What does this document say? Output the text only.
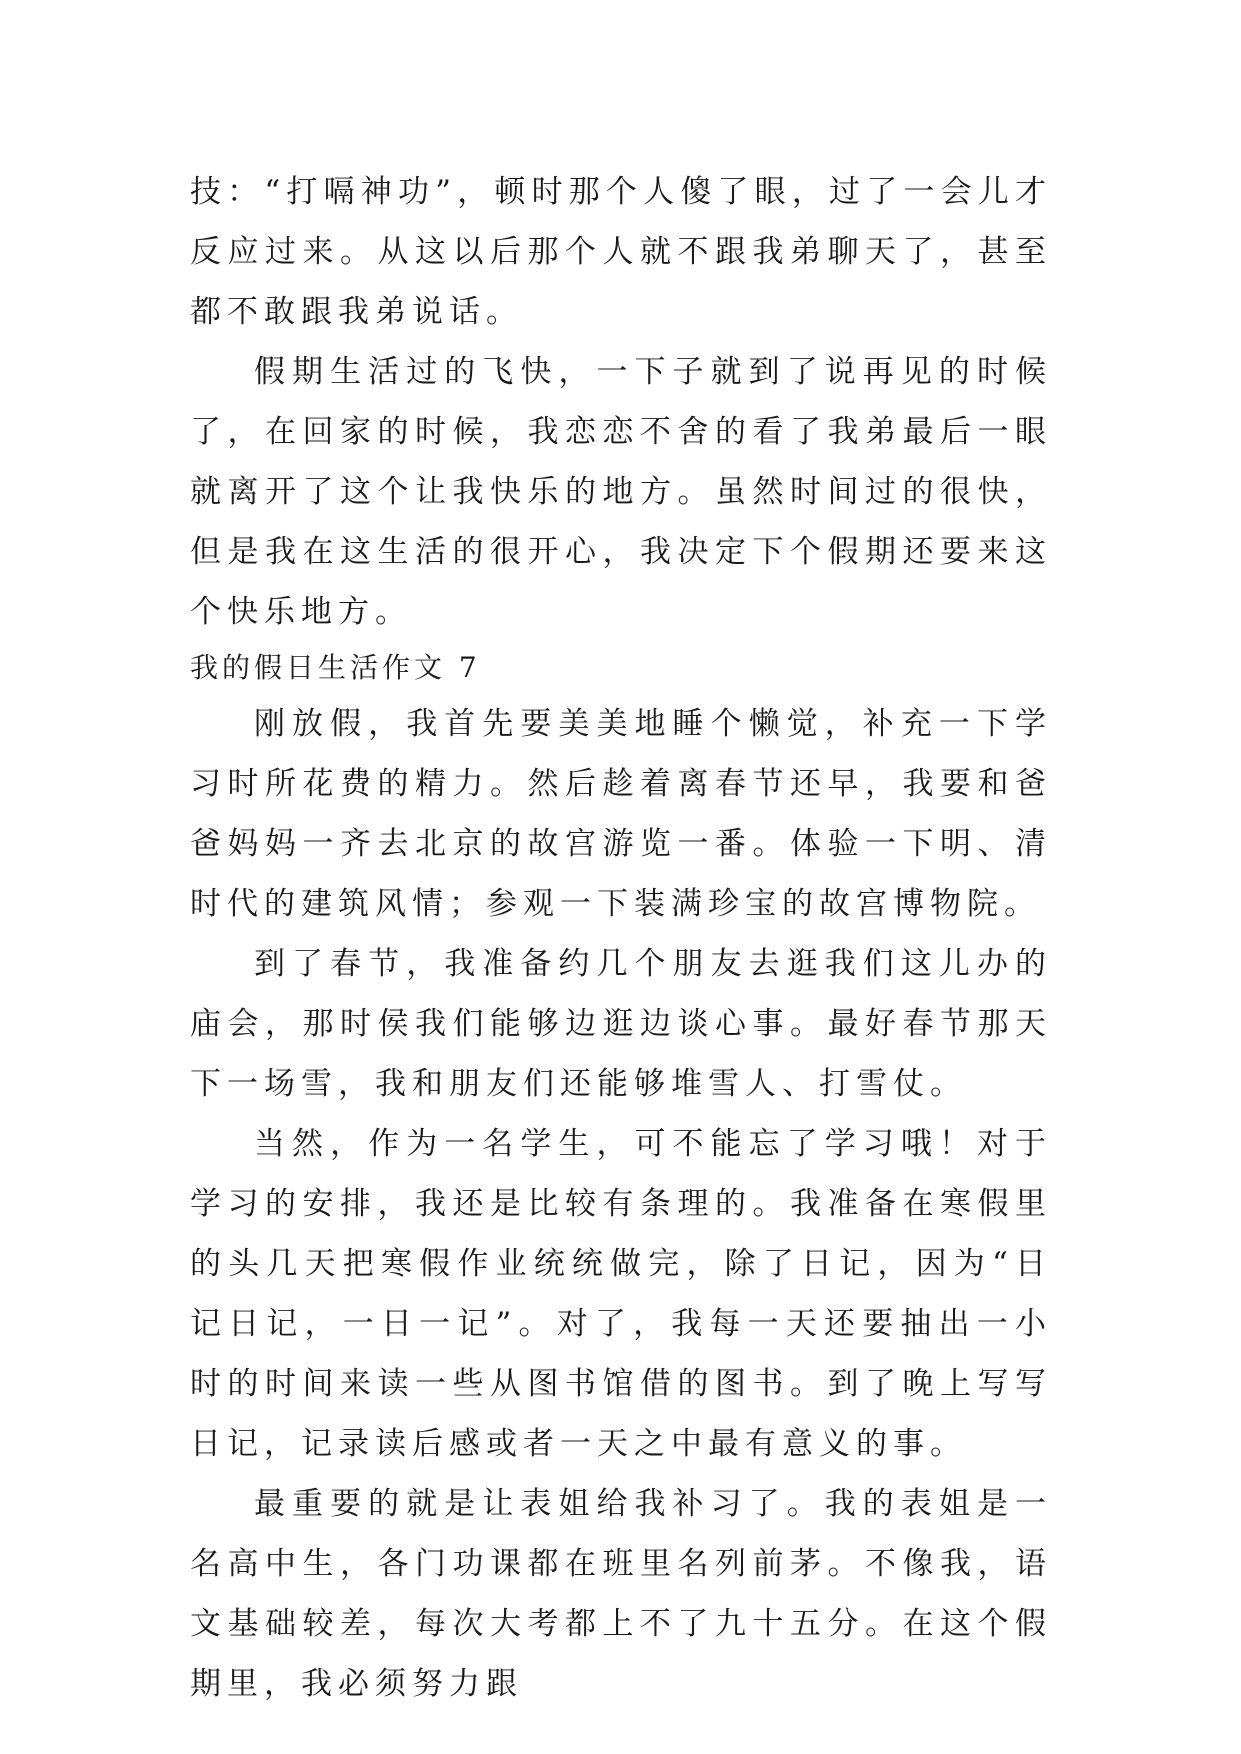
技：“打嗝神功”，顿时那个人傻了眼，过了一会儿才反应过来。从这以后那个人就不跟我弟聊天了，甚至都不敢跟我弟说话。

假期生活过的飞快，一下子就到了说再见的时候了，在回家的时候，我恋恋不舍的看了我弟最后一眼就离开了这个让我快乐的地方。虽然时间过的很快，但是我在这生活的很开心，我决定下个假期还要来这个快乐地方。

我的假日生活作文 7

刚放假，我首先要美美地睡个懒觉，补充一下学习时所花费的精力。然后趁着离春节还早，我要和爸爸妈妈一齐去北京的故宫游览一番。体验一下明、清时代的建筑风情；参观一下装满珍宝的故宫博物院。

到了春节，我准备约几个朋友去逛我们这儿办的庙会，那时侯我们能够边逛边谈心事。最好春节那天下一场雪，我和朋友们还能够堆雪人、打雪仗。

当然，作为一名学生，可不能忘了学习哦！对于学习的安排，我还是比较有条理的。我准备在寒假里的头几天把寒假作业统统做完，除了日记，因为“日记日记，一日一记”。对了，我每一天还要抽出一小时的时间来读一些从图书馆借的图书。到了晚上写写日记，记录读后感或者一天之中最有意义的事。

最重要的就是让表姐给我补习了。我的表姐是一名高中生，各门功课都在班里名列前茅。不像我，语文基础较差，每次大考都上不了九十五分。在这个假期里，我必须努力跟
